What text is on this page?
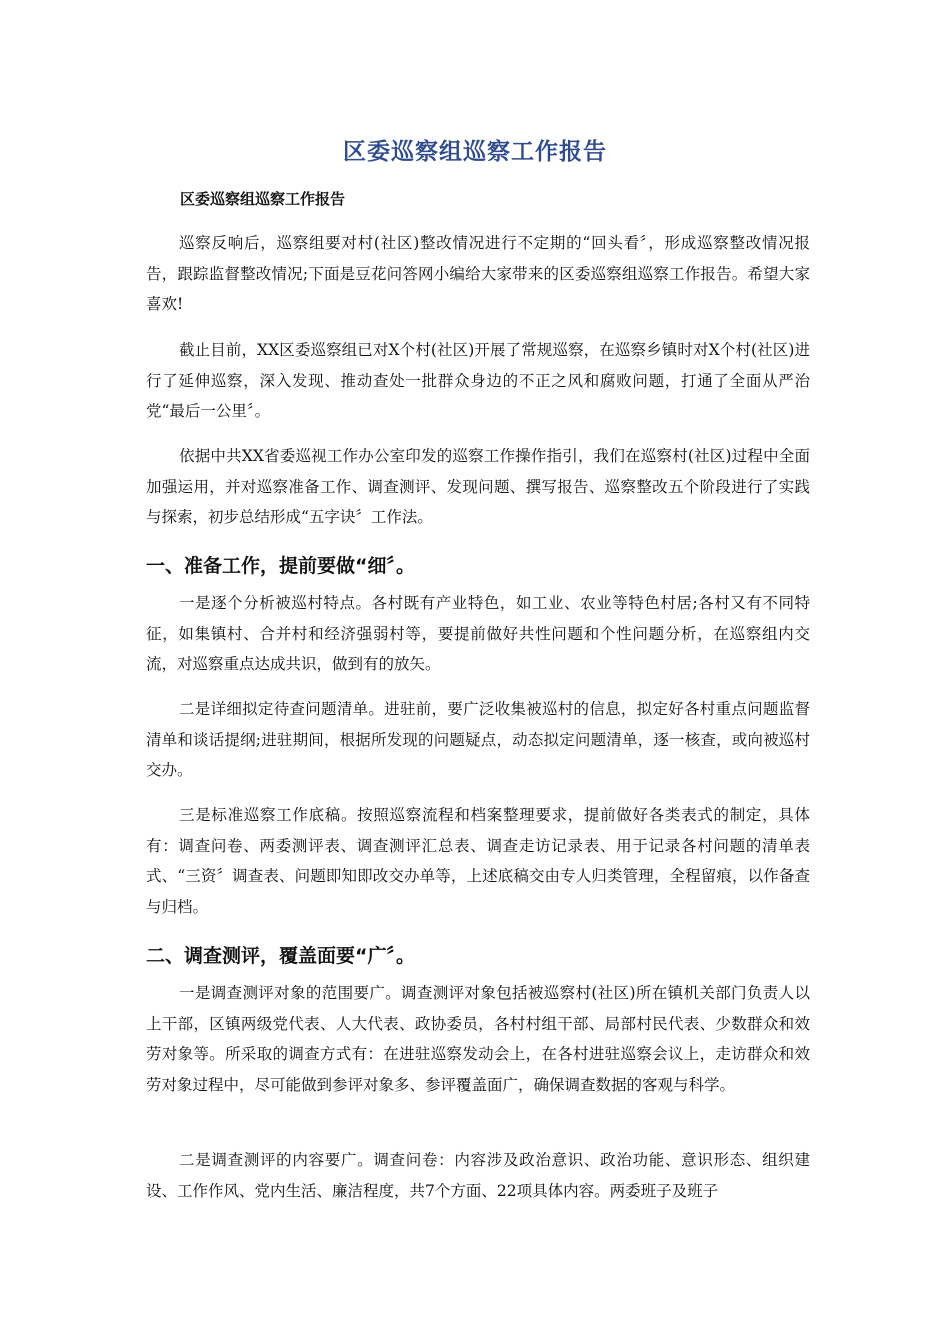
区委巡察组巡察工作报告
区委巡察组巡察工作报告

巡察反响后，巡察组要对村(社区)整改情况进行不定期的“回头看〞，形成巡察整改情况报告，跟踪监督整改情况;下面是豆花问答网小编给大家带来的区委巡察组巡察工作报告。希望大家喜欢!

截止目前，XX区委巡察组已对X个村(社区)开展了常规巡察，在巡察乡镇时对X个村(社区)进行了延伸巡察，深入发现、推动查处一批群众身边的不正之风和腐败问题，打通了全面从严治党“最后一公里〞。

依据中共XX省委巡视工作办公室印发的巡察工作操作指引，我们在巡察村(社区)过程中全面加强运用，并对巡察准备工作、调查测评、发现问题、撰写报告、巡察整改五个阶段进行了实践与探索，初步总结形成“五字诀〞工作法。

一、准备工作，提前要做“细〞。

一是逐个分析被巡村特点。各村既有产业特色，如工业、农业等特色村居;各村又有不同特征，如集镇村、合并村和经济强弱村等，要提前做好共性问题和个性问题分析，在巡察组内交流，对巡察重点达成共识，做到有的放矢。

二是详细拟定待查问题清单。进驻前，要广泛收集被巡村的信息，拟定好各村重点问题监督清单和谈话提纲;进驻期间，根据所发现的问题疑点，动态拟定问题清单，逐一核查，或向被巡村交办。

三是标准巡察工作底稿。按照巡察流程和档案整理要求，提前做好各类表式的制定，具体有：调查问卷、两委测评表、调查测评汇总表、调查走访记录表、用于记录各村问题的清单表式、“三资〞调查表、问题即知即改交办单等，上述底稿交由专人归类管理，全程留痕，以作备查与归档。

二、调查测评，覆盖面要“广〞。

一是调查测评对象的范围要广。调查测评对象包括被巡察村(社区)所在镇机关部门负责人以上干部，区镇两级党代表、人大代表、政协委员，各村村组干部、局部村民代表、少数群众和效劳对象等。所采取的调查方式有：在进驻巡察发动会上，在各村进驻巡察会议上，走访群众和效劳对象过程中，尽可能做到参评对象多、参评覆盖面广，确保调查数据的客观与科学。

二是调查测评的内容要广。调查问卷：内容涉及政治意识、政治功能、意识形态、组织建设、工作作风、党内生活、廉洁程度，共7个方面、22项具体内容。两委班子及班子
